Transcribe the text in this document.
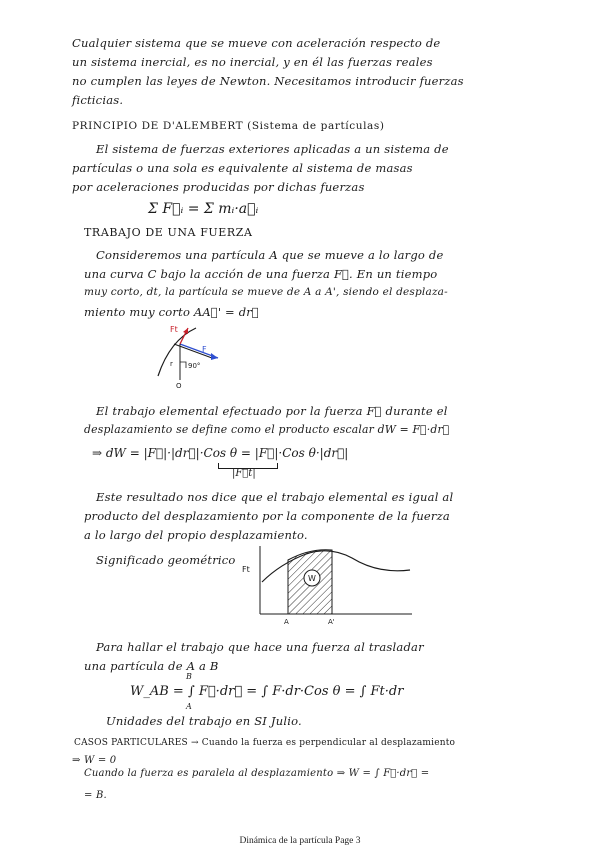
Cualquier sistema que se mueve con aceleración respecto de
un sistema inercial, es no inercial, y en él las fuerzas reales
no cumplen las leyes de Newton. Necesitamos introducir fuerzas
ficticias.
PRINCIPIO DE D'ALEMBERT (Sistema de partículas)
El sistema de fuerzas exteriores aplicadas a un sistema de
partículas o una sola es equivalente al sistema de masas
por aceleraciones producidas por dichas fuerzas
Σ F⃗ᵢ = Σ mᵢ·a⃗ᵢ
TRABAJO DE UNA FUERZA
Consideremos una partícula A que se mueve a lo largo de
una curva C bajo la acción de una fuerza F⃗. En un tiempo
muy corto, dt, la partícula se mueve de A a A', siendo el desplaza-
miento muy corto AA⃗' = dr⃗
Ft
F
r 90°
O
El trabajo elemental efectuado por la fuerza F⃗ durante el
desplazamiento se define como el producto escalar dW = F⃗·dr⃗
⇒ dW = |F⃗|·|dr⃗|·Cos θ = |F⃗|·Cos θ·|dr⃗|
|F⃗t|
Este resultado nos dice que el trabajo elemental es igual al
producto del desplazamiento por la componente de la fuerza
a lo largo del propio desplazamiento.
Significado geométrico
Ft
W
A	A'
Para hallar el trabajo que hace una fuerza al trasladar
una partícula de A a B
W_AB = ∫ F⃗·dr⃗ = ∫ F·dr·Cos θ = ∫ Ft·dr
B
A
Unidades del trabajo en SI Julio.
CASOS PARTICULARES → Cuando la fuerza es perpendicular al desplazamiento
⇒ W = 0
Cuando la fuerza es paralela al desplazamiento ⇒ W = ∫ F⃗·dr⃗ =
= B.
Dinámica de la partícula Page 3
